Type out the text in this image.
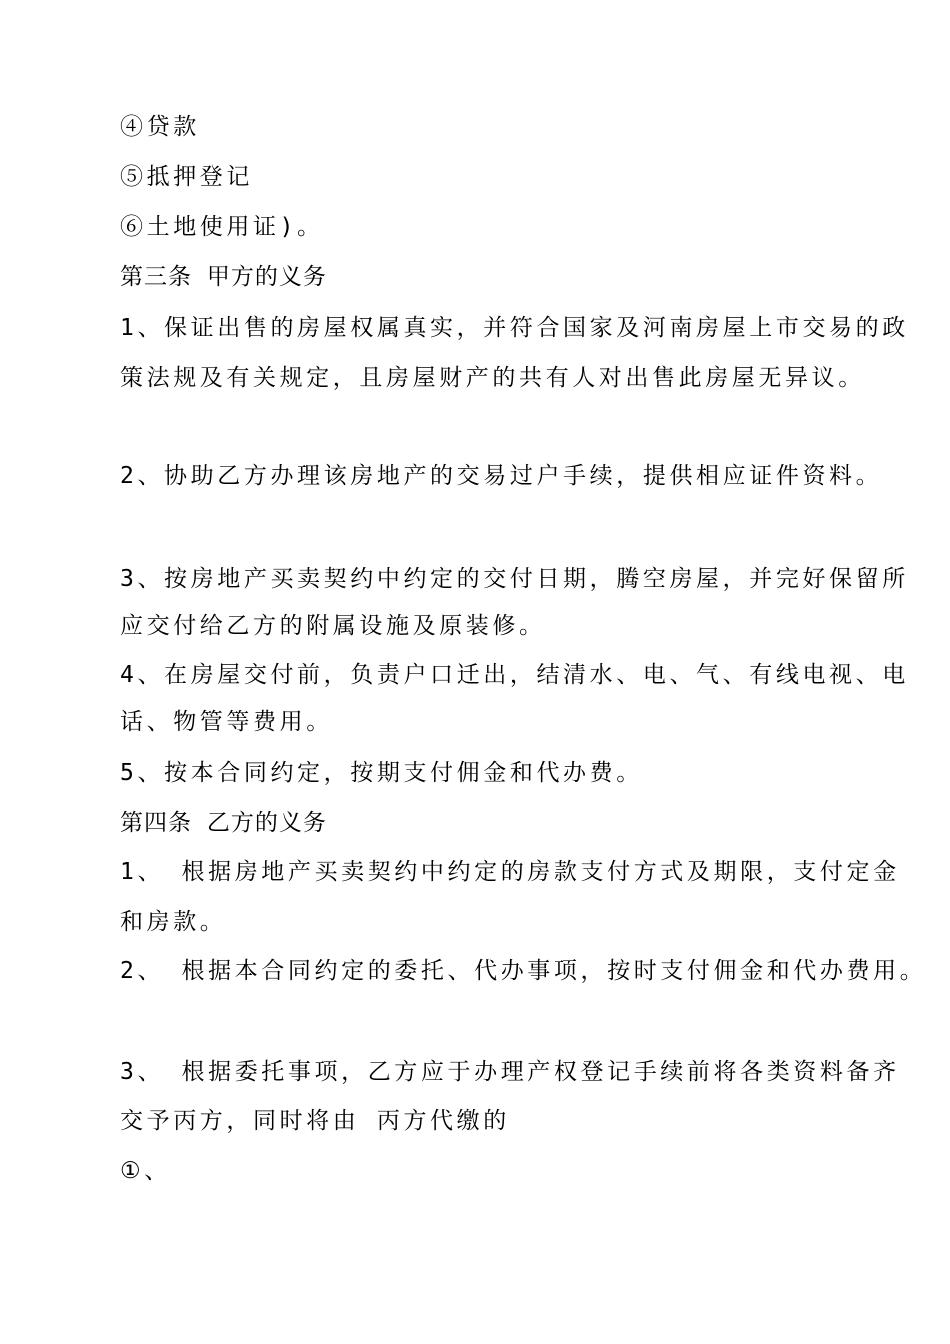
④贷款
⑤抵押登记
⑥土地使用证)。
第三条 甲方的义务
1、保证出售的房屋权属真实，并符合国家及河南房屋上市交易的政
策法规及有关规定，且房屋财产的共有人对出售此房屋无异议。
2、协助乙方办理该房地产的交易过户手续，提供相应证件资料。
3、按房地产买卖契约中约定的交付日期，腾空房屋，并完好保留所
应交付给乙方的附属设施及原装修。
4、在房屋交付前，负责户口迁出，结清水、电、气、有线电视、电
话、物管等费用。
5、按本合同约定，按期支付佣金和代办费。
第四条 乙方的义务
1、 根据房地产买卖契约中约定的房款支付方式及期限，支付定金
和房款。
2、 根据本合同约定的委托、代办事项，按时支付佣金和代办费用。
3、 根据委托事项，乙方应于办理产权登记手续前将各类资料备齐
交予丙方，同时将由 丙方代缴的
①、
